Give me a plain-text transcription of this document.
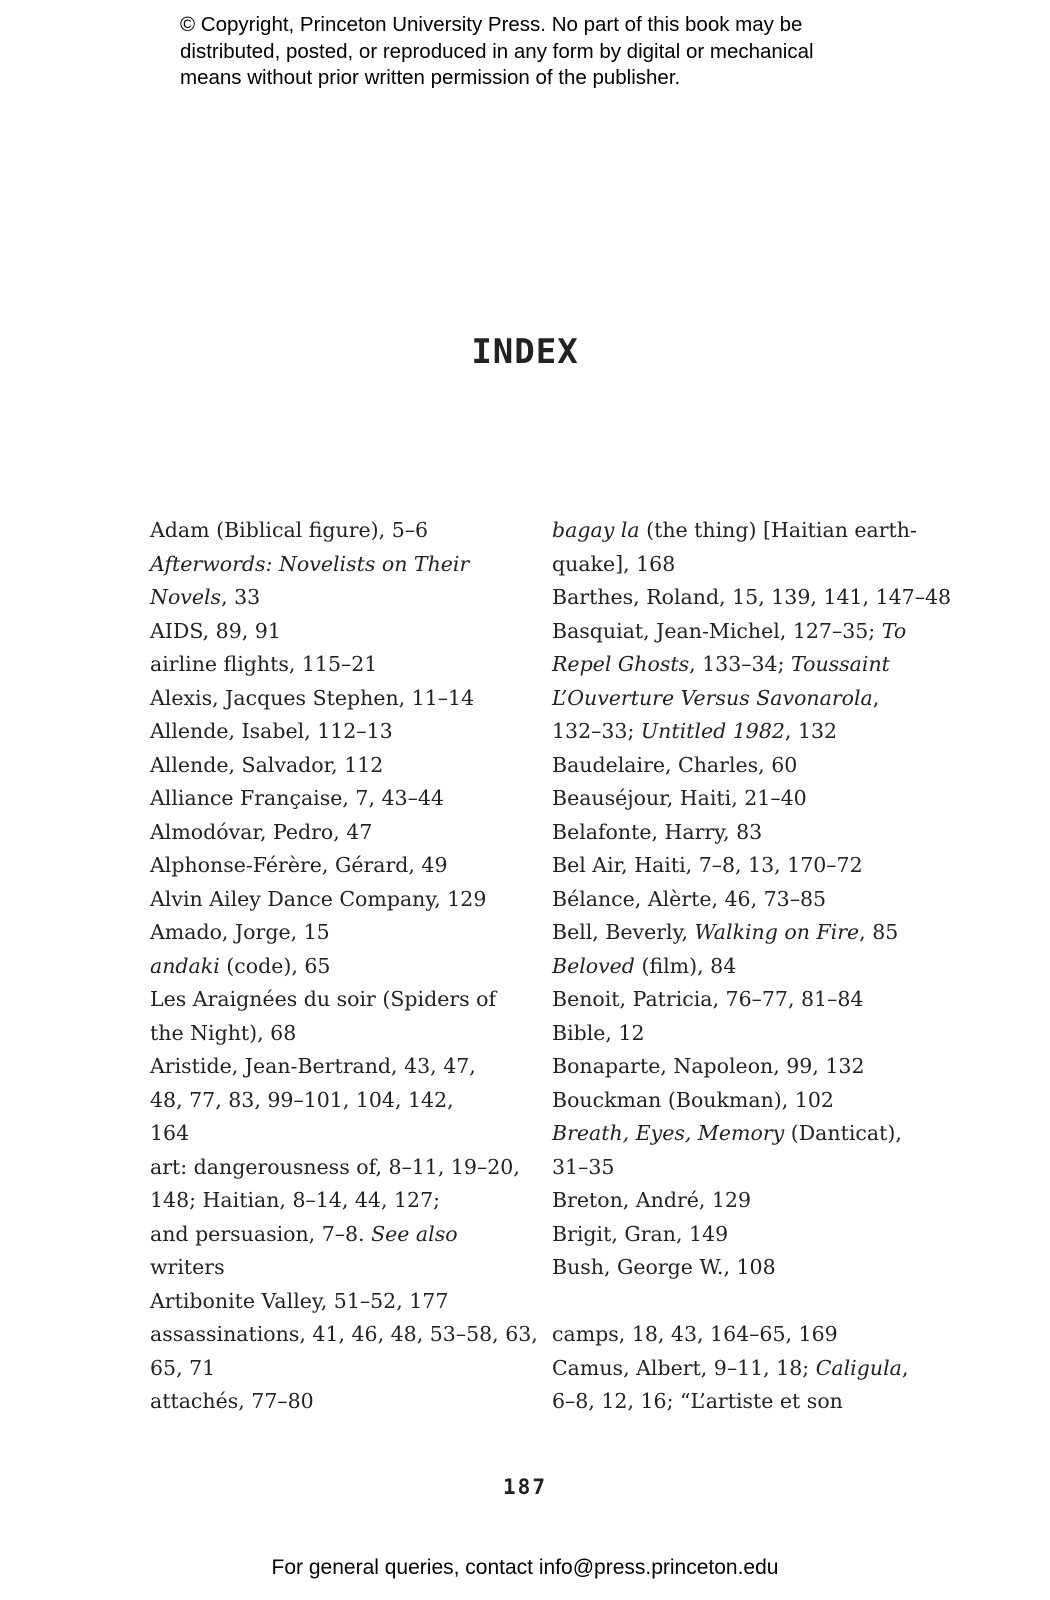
© Copyright, Princeton University Press. No part of this book may be
distributed, posted, or reproduced in any form by digital or mechanical
means without prior written permission of the publisher.
INDEX
Adam (Biblical figure), 5–6
Afterwords: Novelists on Their
Novels, 33
AIDS, 89, 91
airline flights, 115–21
Alexis, Jacques Stephen, 11–14
Allende, Isabel, 112–13
Allende, Salvador, 112
Alliance Française, 7, 43–44
Almodóvar, Pedro, 47
Alphonse-Férère, Gérard, 49
Alvin Ailey Dance Company, 129
Amado, Jorge, 15
andaki (code), 65
Les Araignées du soir (Spiders of
the Night), 68
Aristide, Jean-Bertrand, 43, 47,
48, 77, 83, 99–101, 104, 142,
164
art: dangerousness of, 8–11, 19–20,
148; Haitian, 8–14, 44, 127;
and persuasion, 7–8. See also
writers
Artibonite Valley, 51–52, 177
assassinations, 41, 46, 48, 53–58, 63,
65, 71
attachés, 77–80
bagay la (the thing) [Haitian earth-
quake], 168
Barthes, Roland, 15, 139, 141, 147–48
Basquiat, Jean-Michel, 127–35; To
Repel Ghosts, 133–34; Toussaint
L’Ouverture Versus Savonarola,
132–33; Untitled 1982, 132
Baudelaire, Charles, 60
Beauséjour, Haiti, 21–40
Belafonte, Harry, 83
Bel Air, Haiti, 7–8, 13, 170–72
Bélance, Alèrte, 46, 73–85
Bell, Beverly, Walking on Fire, 85
Beloved (film), 84
Benoit, Patricia, 76–77, 81–84
Bible, 12
Bonaparte, Napoleon, 99, 132
Bouckman (Boukman), 102
Breath, Eyes, Memory (Danticat),
31–35
Breton, André, 129
Brigit, Gran, 149
Bush, George W., 108
camps, 18, 43, 164–65, 169
Camus, Albert, 9–11, 18; Caligula,
6–8, 12, 16; “L’artiste et son
187
For general queries, contact info@press.princeton.edu
